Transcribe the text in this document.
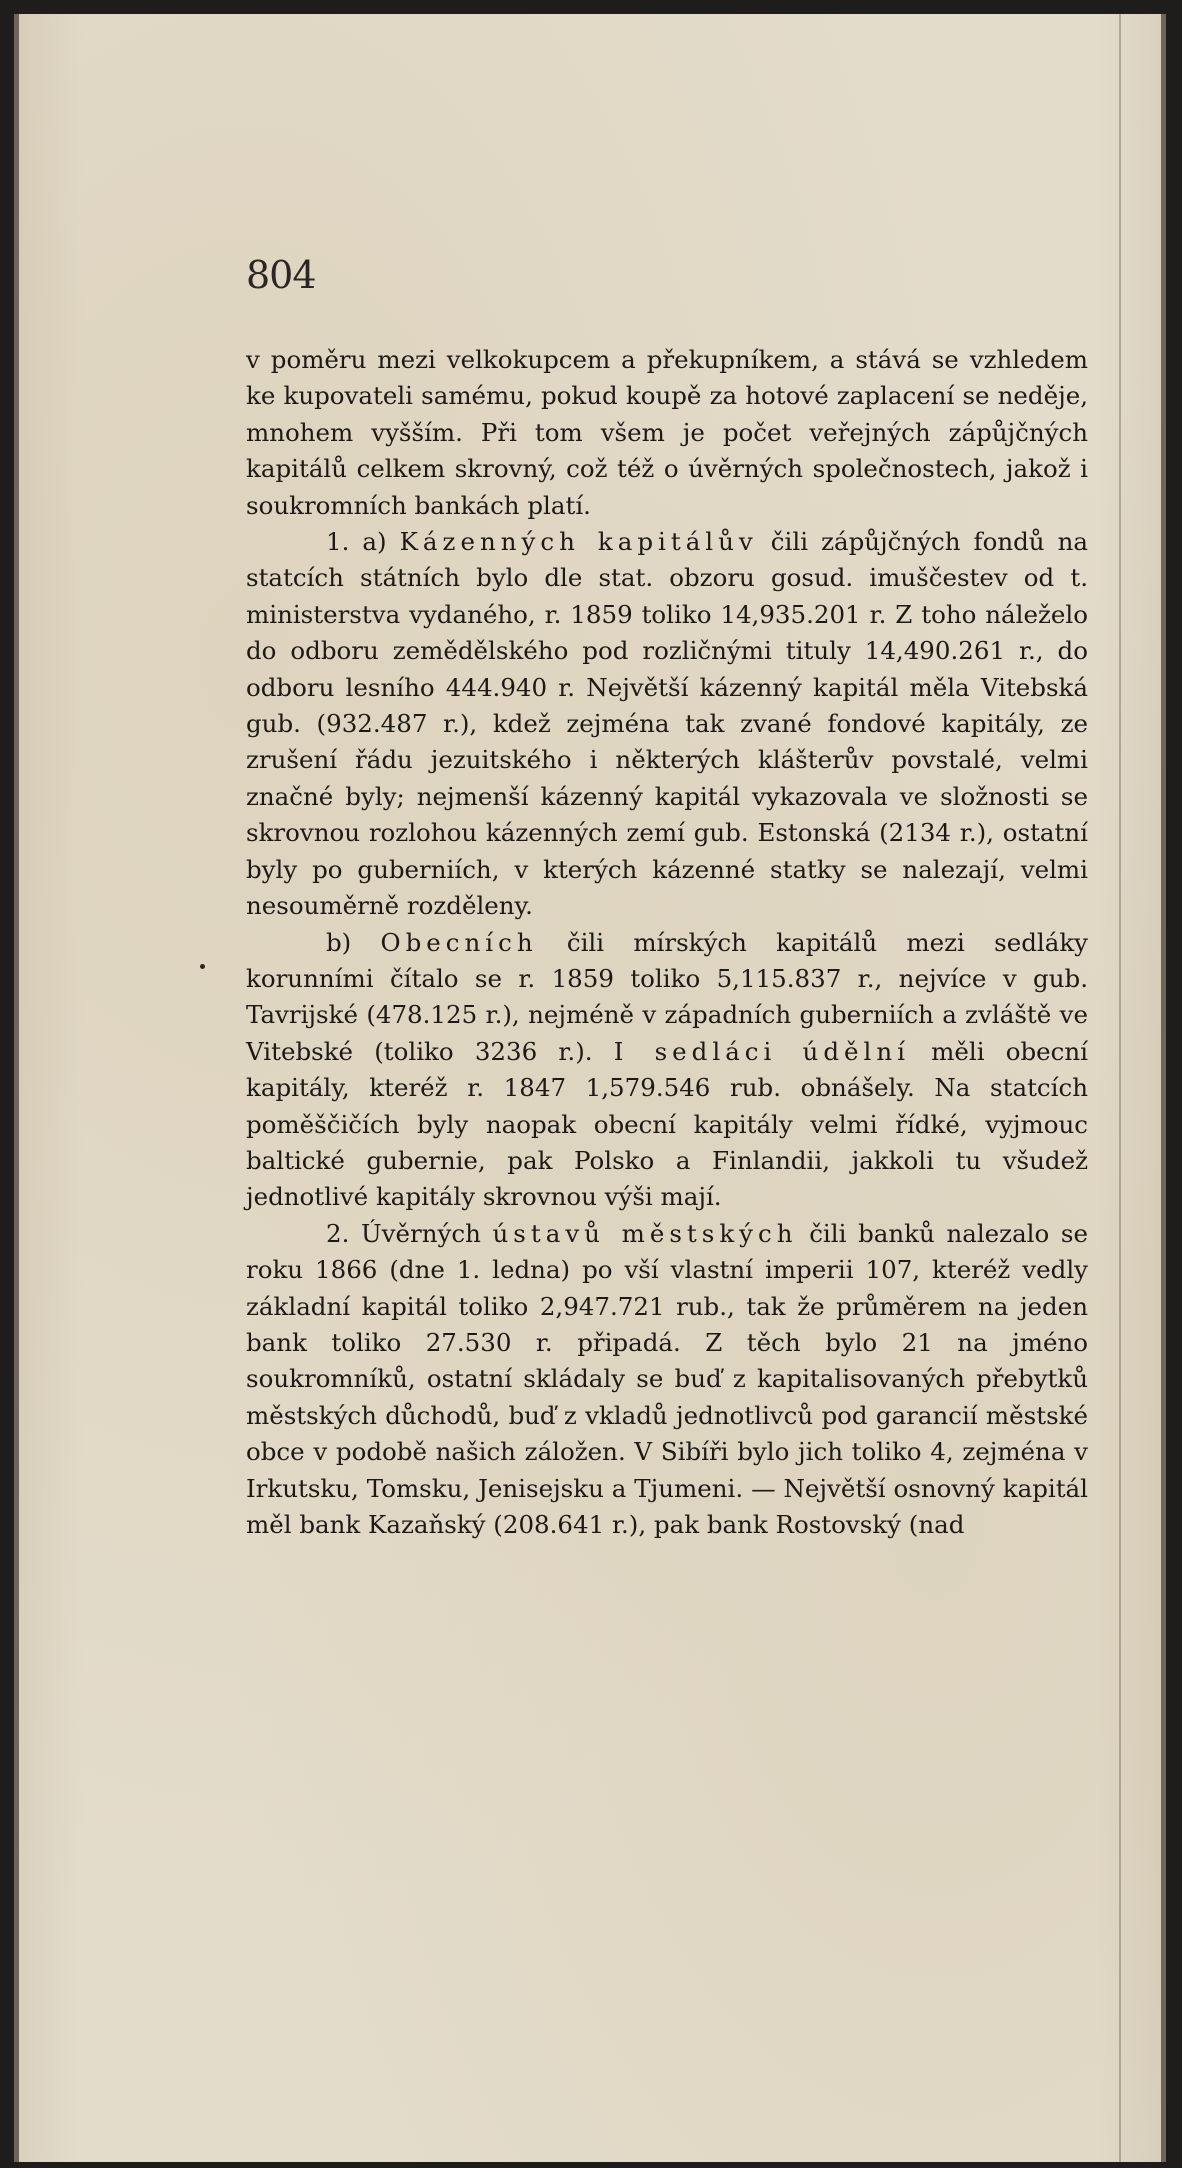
804

v poměru mezi velkokupcem a překupníkem, a stává se vzhledem ke kupovateli samému, pokud koupě za hotové zaplacení se neděje, mnohem vyšším. Při tom všem je počet veřejných zápůjčných kapitálů celkem skrovný, což též o úvěrných společnostech, jakož i soukromních bankách platí.

1. a) Kázenných kapitálův čili zápůjčných fondů na statcích státních bylo dle stat. obzoru gosud. imuščestev od t. ministerstva vydaného, r. 1859 toliko 14,935.201 r. Z toho náleželo do odboru zemědělského pod rozličnými tituly 14,490.261 r., do odboru lesního 444.940 r. Největší kázenný kapitál měla Vitebská gub. (932.487 r.), kdež zejména tak zvané fondové kapitály, ze zrušení řádu jezuitského i některých klášterův povstalé, velmi značné byly; nejmenší kázenný kapitál vykazovala ve složnosti se skrovnou rozlohou kázenných zemí gub. Estonská (2134 r.), ostatní byly po guberniích, v kterých kázenné statky se nalezají, velmi nesouměrně rozděleny.

b) Obecních čili mírských kapitálů mezi sedláky korunními čítalo se r. 1859 toliko 5,115.837 r., nejvíce v gub. Tavrijské (478.125 r.), nejméně v západních guberniích a zvláště ve Vitebské (toliko 3236 r.). I sedláci údělní měli obecní kapitály, kteréž r. 1847 1,579.546 rub. obnášely. Na statcích poměščičích byly naopak obecní kapitály velmi řídké, vyjmouc baltické gubernie, pak Polsko a Finlandii, jakkoli tu všudež jednotlivé kapitály skrovnou výši mají.

2. Úvěrných ústavů městských čili banků nalezalo se roku 1866 (dne 1. ledna) po vší vlastní imperii 107, kteréž vedly základní kapitál toliko 2,947.721 rub., tak že průměrem na jeden bank toliko 27.530 r. připadá. Z těch bylo 21 na jméno soukromníků, ostatní skládaly se buď z kapitalisovaných přebytků městských důchodů, buď z vkladů jednotlivců pod garancií městské obce v podobě našich záložen. V Sibíři bylo jich toliko 4, zejména v Irkutsku, Tomsku, Jenisejsku a Tjumeni. — Největší osnovný kapitál měl bank Kazaňský (208.641 r.), pak bank Rostovský (nad
